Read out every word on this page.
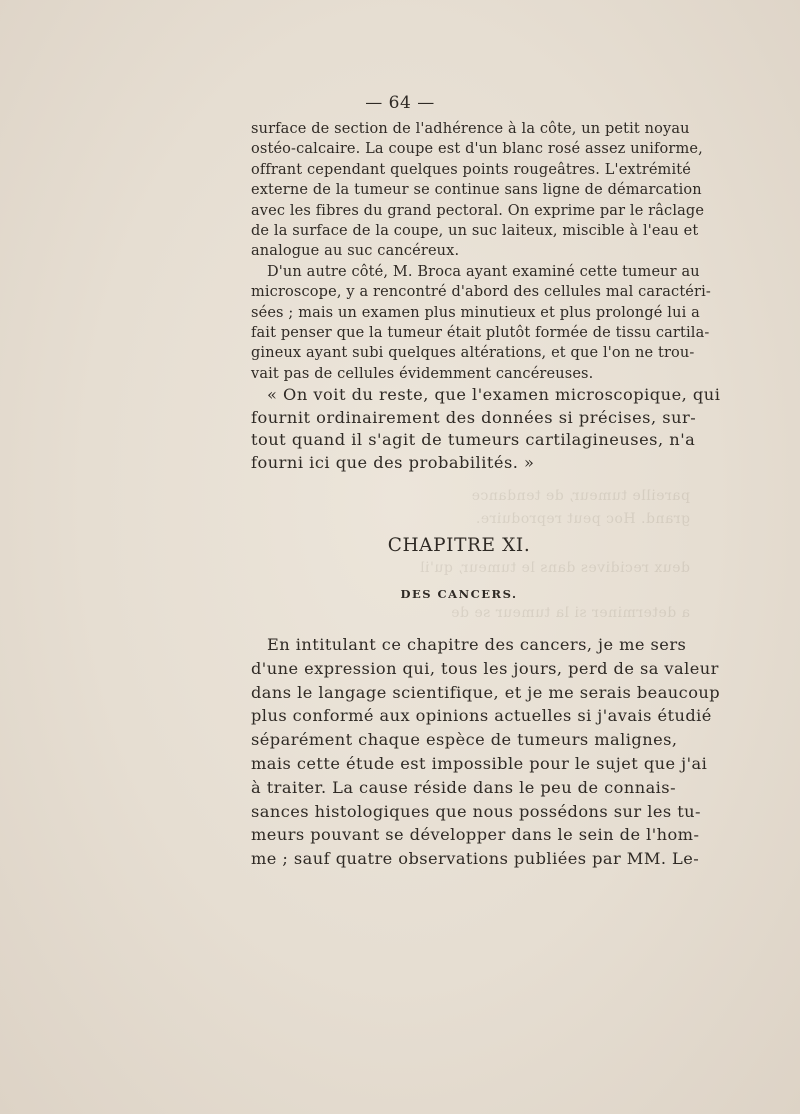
pareille tumeur, de tendance
grand. Hoc peut reproduire.
deux recidives dans le tumeur, qu'il
a determiner si la tumeur se de
— 64 —
surface de section de l'adhérence à la côte, un petit noyau
ostéo-calcaire. La coupe est d'un blanc rosé assez uniforme,
offrant cependant quelques points rougeâtres. L'extrémité
externe de la tumeur se continue sans ligne de démarcation
avec les fibres du grand pectoral. On exprime par le râclage
de la surface de la coupe, un suc laiteux, miscible à l'eau et
analogue au suc cancéreux.
D'un autre côté, M. Broca ayant examiné cette tumeur au
microscope, y a rencontré d'abord des cellules mal caractéri-
sées ; mais un examen plus minutieux et plus prolongé lui a
fait penser que la tumeur était plutôt formée de tissu cartila-
gineux ayant subi quelques altérations, et que l'on ne trou-
vait pas de cellules évidemment cancéreuses.
« On voit du reste, que l'examen microscopique, qui
fournit ordinairement des données si précises, sur-
tout quand il s'agit de tumeurs cartilagineuses, n'a
fourni ici que des probabilités. »
CHAPITRE XI.
DES CANCERS.
En intitulant ce chapitre des cancers, je me sers
d'une expression qui, tous les jours, perd de sa valeur
dans le langage scientifique, et je me serais beaucoup
plus conformé aux opinions actuelles si j'avais étudié
séparément chaque espèce de tumeurs malignes,
mais cette étude est impossible pour le sujet que j'ai
à traiter. La cause réside dans le peu de connais-
sances histologiques que nous possédons sur les tu-
meurs pouvant se développer dans le sein de l'hom-
me ; sauf quatre observations publiées par MM. Le-
